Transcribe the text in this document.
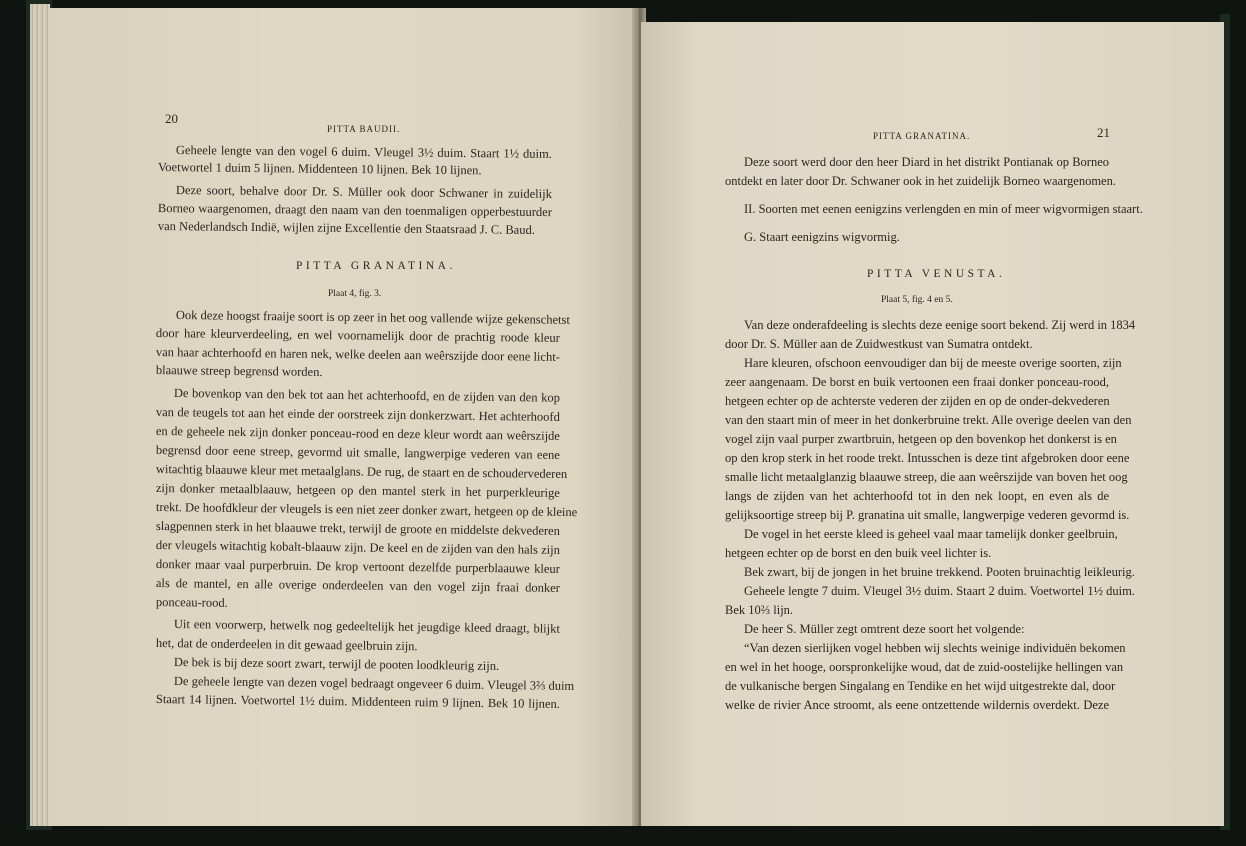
20
PITTA BAUDII.
Geheele lengte van den vogel 6 duim. Vleugel 3½ duim. Staart 1½ duim.
Voetwortel 1 duim 5 lijnen. Middenteen 10 lijnen. Bek 10 lijnen.
Deze soort, behalve door Dr. S. Müller ook door Schwaner in zuidelijk
Borneo waargenomen, draagt den naam van den toenmaligen opperbestuurder
van Nederlandsch Indië, wijlen zijne Excellentie den Staatsraad J. C. Baud.
PITTA GRANATINA.
Plaat 4, fig. 3.
Ook deze hoogst fraaije soort is op zeer in het oog vallende wijze gekenschetst
door hare kleurverdeeling, en wel voornamelijk door de prachtig roode kleur
van haar achterhoofd en haren nek, welke deelen aan weêrszijde door eene licht-
blaauwe streep begrensd worden.
De bovenkop van den bek tot aan het achterhoofd, en de zijden van den kop
van de teugels tot aan het einde der oorstreek zijn donkerzwart. Het achterhoofd
en de geheele nek zijn donker ponceau-rood en deze kleur wordt aan weêrszijde
begrensd door eene streep, gevormd uit smalle, langwerpige vederen van eene
witachtig blaauwe kleur met metaalglans. De rug, de staart en de schoudervederen
zijn donker metaalblaauw, hetgeen op den mantel sterk in het purperkleurige
trekt. De hoofdkleur der vleugels is een niet zeer donker zwart, hetgeen op de kleine
slagpennen sterk in het blaauwe trekt, terwijl de groote en middelste dekvederen
der vleugels witachtig kobalt-blaauw zijn. De keel en de zijden van den hals zijn
donker maar vaal purperbruin. De krop vertoont dezelfde purperblaauwe kleur
als de mantel, en alle overige onderdeelen van den vogel zijn fraai donker
ponceau-rood.
Uit een voorwerp, hetwelk nog gedeeltelijk het jeugdige kleed draagt, blijkt
het, dat de onderdeelen in dit gewaad geelbruin zijn.
De bek is bij deze soort zwart, terwijl de pooten loodkleurig zijn.
De geheele lengte van dezen vogel bedraagt ongeveer 6 duim. Vleugel 3⅔ duim
Staart 14 lijnen. Voetwortel 1½ duim. Middenteen ruim 9 lijnen. Bek 10 lijnen.
PITTA GRANATINA.	21
Deze soort werd door den heer Diard in het distrikt Pontianak op Borneo
ontdekt en later door Dr. Schwaner ook in het zuidelijk Borneo waargenomen.
II. Soorten met eenen eenigzins verlengden en min of meer wigvormigen staart.
G. Staart eenigzins wigvormig.
PITTA VENUSTA.
Plaat 5, fig. 4 en 5.
Van deze onderafdeeling is slechts deze eenige soort bekend. Zij werd in 1834
door Dr. S. Müller aan de Zuidwestkust van Sumatra ontdekt.
Hare kleuren, ofschoon eenvoudiger dan bij de meeste overige soorten, zijn
zeer aangenaam. De borst en buik vertoonen een fraai donker ponceau-rood,
hetgeen echter op de achterste vederen der zijden en op de onder-dekvederen
van den staart min of meer in het donkerbruine trekt. Alle overige deelen van den
vogel zijn vaal purper zwartbruin, hetgeen op den bovenkop het donkerst is en
op den krop sterk in het roode trekt. Intusschen is deze tint afgebroken door eene
smalle licht metaalglanzig blaauwe streep, die aan weêrszijde van boven het oog
langs de zijden van het achterhoofd tot in den nek loopt, en even als de
gelijksoortige streep bij P. granatina uit smalle, langwerpige vederen gevormd is.
De vogel in het eerste kleed is geheel vaal maar tamelijk donker geelbruin,
hetgeen echter op de borst en den buik veel lichter is.
Bek zwart, bij de jongen in het bruine trekkend. Pooten bruinachtig leikleurig.
Geheele lengte 7 duim. Vleugel 3½ duim. Staart 2 duim. Voetwortel 1½ duim.
Bek 10⅔ lijn.
De heer S. Müller zegt omtrent deze soort het volgende:
“Van dezen sierlijken vogel hebben wij slechts weinige individuën bekomen
en wel in het hooge, oorspronkelijke woud, dat de zuid-oostelijke hellingen van
de vulkanische bergen Singalang en Tendike en het wijd uitgestrekte dal, door
welke de rivier Ance stroomt, als eene ontzettende wildernis overdekt. Deze
